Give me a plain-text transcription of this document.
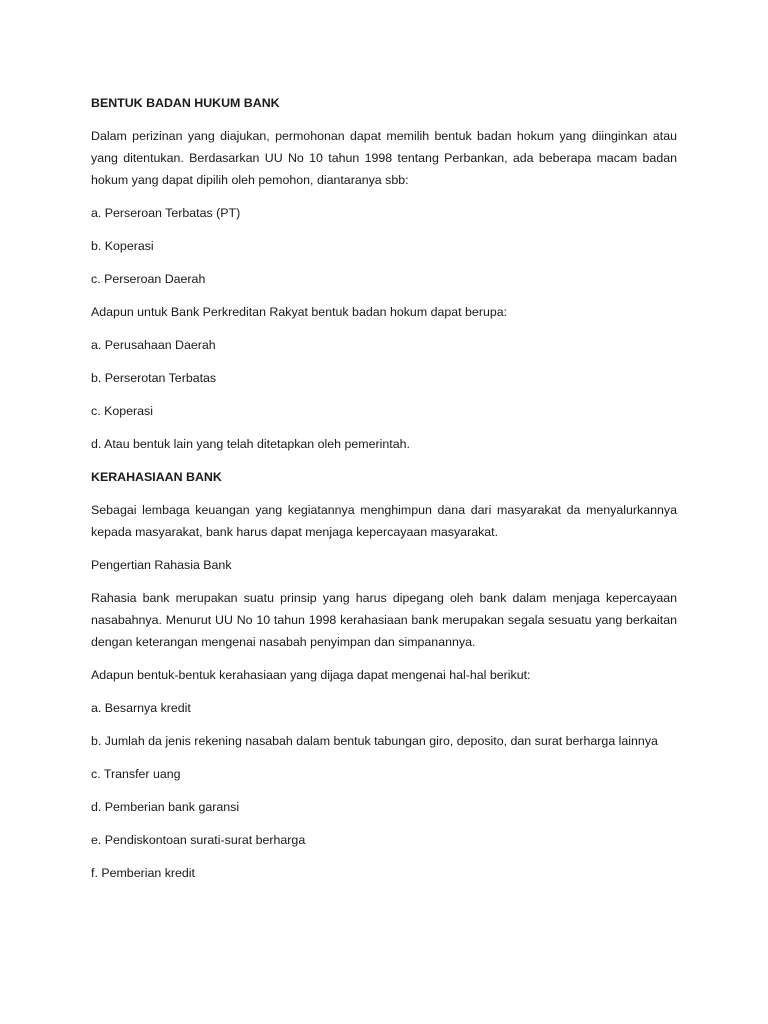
BENTUK BADAN HUKUM BANK
Dalam perizinan yang diajukan, permohonan dapat memilih bentuk badan hokum yang diinginkan atau yang ditentukan. Berdasarkan UU No 10 tahun 1998 tentang Perbankan, ada beberapa macam badan hokum yang dapat dipilih oleh pemohon, diantaranya sbb:
a. Perseroan Terbatas (PT)
b. Koperasi
c. Perseroan Daerah
Adapun untuk Bank Perkreditan Rakyat bentuk badan hokum dapat berupa:
a. Perusahaan Daerah
b. Perserotan Terbatas
c. Koperasi
d. Atau bentuk lain yang telah ditetapkan oleh pemerintah.
KERAHASIAAN BANK
Sebagai lembaga keuangan yang kegiatannya menghimpun dana dari masyarakat da menyalurkannya kepada masyarakat, bank harus dapat menjaga kepercayaan masyarakat.
Pengertian Rahasia Bank
Rahasia bank merupakan suatu prinsip yang harus dipegang oleh bank dalam menjaga kepercayaan nasabahnya. Menurut UU No 10 tahun 1998 kerahasiaan bank merupakan segala sesuatu yang berkaitan dengan keterangan mengenai nasabah penyimpan dan simpanannya.
Adapun bentuk-bentuk kerahasiaan yang dijaga dapat mengenai hal-hal berikut:
a. Besarnya kredit
b. Jumlah da jenis rekening nasabah dalam bentuk tabungan giro, deposito, dan surat berharga lainnya
c. Transfer uang
d. Pemberian bank garansi
e. Pendiskontoan surati-surat berharga
f. Pemberian kredit
